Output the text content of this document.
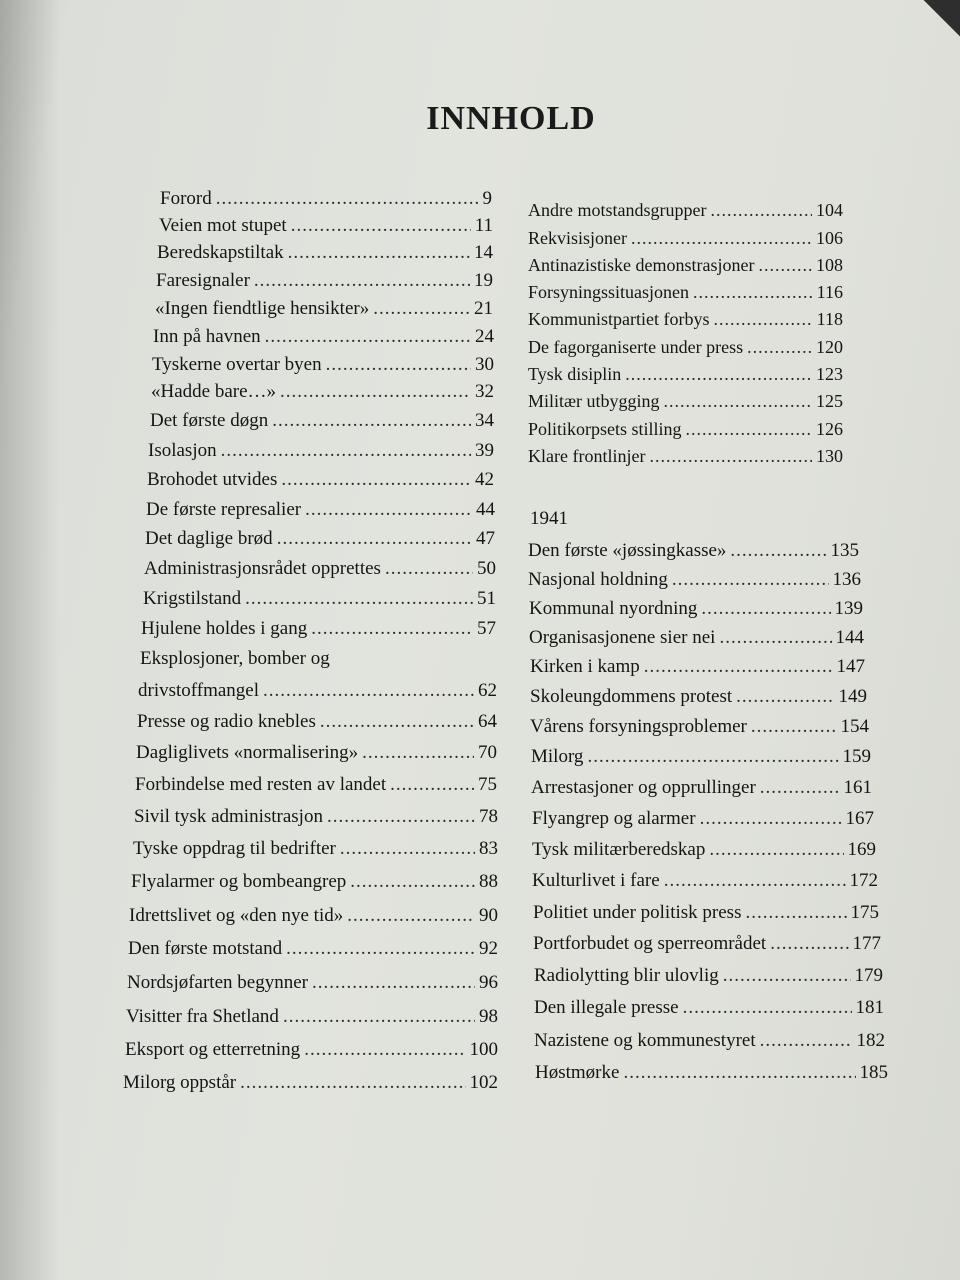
INNHOLD
Forord .....	9
Veien mot stupet .....	11
Beredskapstiltak .....	14
Faresignaler .....	19
«Ingen fiendtlige hensikter» .....	21
Inn på havnen .....	24
Tyskerne overtar byen .....	30
«Hadde bare…» .....	32
Det første døgn .....	34
Isolasjon .....	39
Brohodet utvides .....	42
De første represalier .....	44
Det daglige brød .....	47
Administrasjonsrådet opprettes .....	50
Krigstilstand .....	51
Hjulene holdes i gang .....	57
Eksplosjoner, bomber og
drivstoffmangel .....	62
Presse og radio knebles .....	64
Dagliglivets «normalisering» .....	70
Forbindelse med resten av landet .....	75
Sivil tysk administrasjon .....	78
Tyske oppdrag til bedrifter .....	83
Flyalarmer og bombeangrep .....	88
Idrettslivet og «den nye tid» .....	90
Den første motstand .....	92
Nordsjøfarten begynner .....	96
Visitter fra Shetland .....	98
Eksport og etterretning .....	100
Milorg oppstår .....	102
Andre motstandsgrupper .....	104
Rekvisisjoner .....	106
Antinazistiske demonstrasjoner .....	108
Forsyningssituasjonen .....	116
Kommunistpartiet forbys .....	118
De fagorganiserte under press .....	120
Tysk disiplin .....	123
Militær utbygging .....	125
Politikorpsets stilling .....	126
Klare frontlinjer .....	130
1941
Den første «jøssingkasse» .....	135
Nasjonal holdning .....	136
Kommunal nyordning .....	139
Organisasjonene sier nei .....	144
Kirken i kamp .....	147
Skoleungdommens protest .....	149
Vårens forsyningsproblemer .....	154
Milorg .....	159
Arrestasjoner og opprullinger .....	161
Flyangrep og alarmer .....	167
Tysk militærberedskap .....	169
Kulturlivet i fare .....	172
Politiet under politisk press .....	175
Portforbudet og sperreområdet .....	177
Radiolytting blir ulovlig .....	179
Den illegale presse .....	181
Nazistene og kommunestyret .....	182
Høstmørke .....	185
